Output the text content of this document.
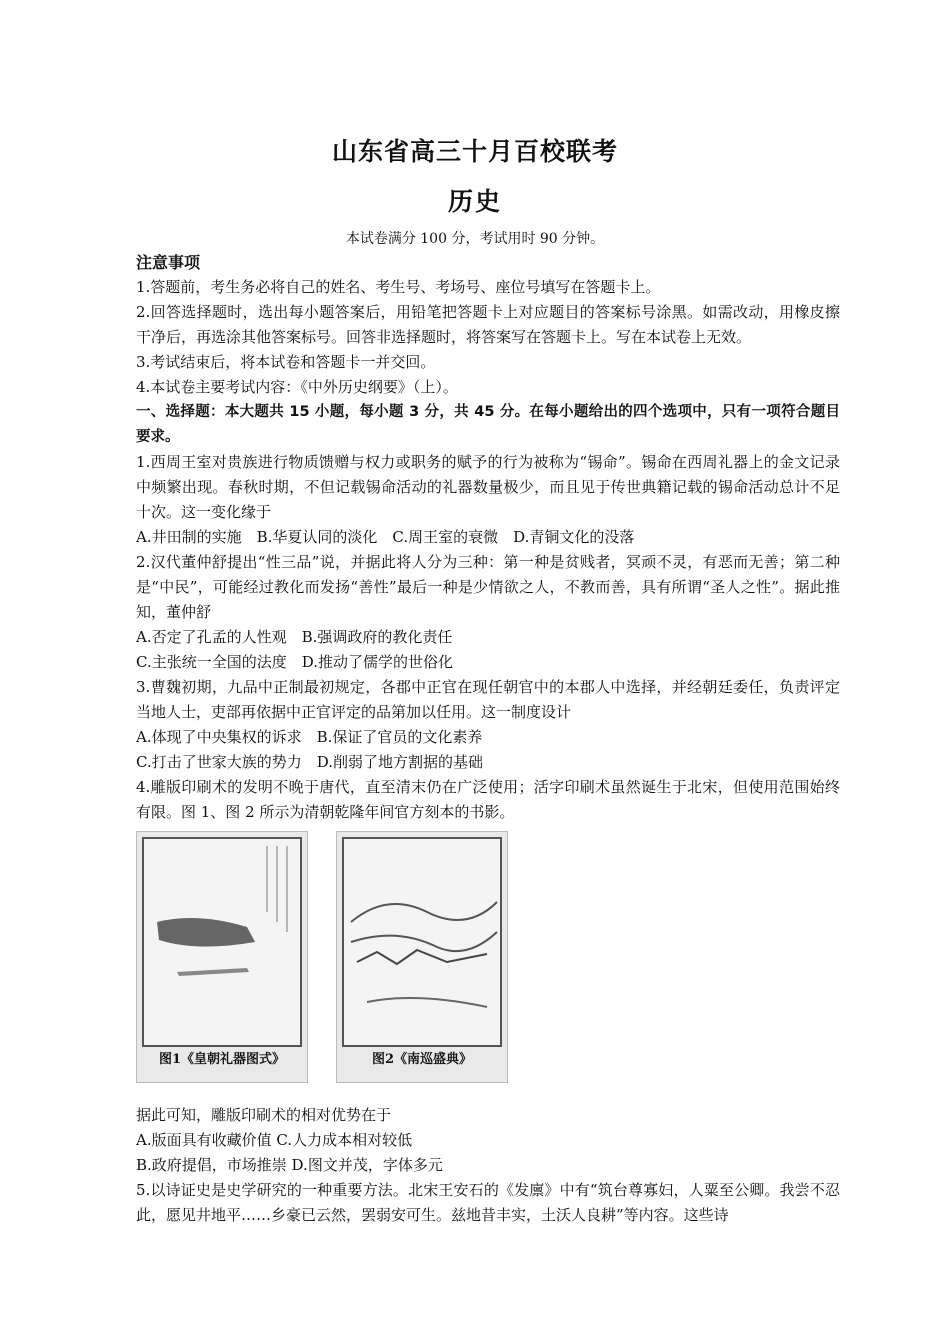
山东省高三十月百校联考
历史
本试卷满分 100 分，考试用时 90 分钟。
注意事项
1.答题前，考生务必将自己的姓名、考生号、考场号、座位号填写在答题卡上。
2.回答选择题时，选出每小题答案后，用铅笔把答题卡上对应题目的答案标号涂黑。如需改动，用橡皮擦干净后，再选涂其他答案标号。回答非选择题时，将答案写在答题卡上。写在本试卷上无效。
3.考试结束后，将本试卷和答题卡一并交回。
4.本试卷主要考试内容：《中外历史纲要》（上）。
一、选择题：本大题共 15 小题，每小题 3 分，共 45 分。在每小题给出的四个选项中，只有一项符合题目要求。
1.西周王室对贵族进行物质馈赠与权力或职务的赋予的行为被称为“锡命”。锡命在西周礼器上的金文记录中频繁出现。春秋时期，不但记载锡命活动的礼器数量极少，而且见于传世典籍记载的锡命活动总计不足十次。这一变化缘于
A.井田制的实施　B.华夏认同的淡化　C.周王室的衰微　D.青铜文化的没落
2.汉代董仲舒提出“性三品”说，并据此将人分为三种：第一种是贫贱者，冥顽不灵，有恶而无善；第二种是“中民”，可能经过教化而发扬“善性”最后一种是少情欲之人，不教而善，具有所谓“圣人之性”。据此推知，董仲舒
A.否定了孔孟的人性观　B.强调政府的教化责任
C.主张统一全国的法度　D.推动了儒学的世俗化
3.曹魏初期，九品中正制最初规定，各郡中正官在现任朝官中的本郡人中选择，并经朝廷委任，负责评定当地人士，吏部再依据中正官评定的品第加以任用。这一制度设计
A.体现了中央集权的诉求　B.保证了官员的文化素养
C.打击了世家大族的势力　D.削弱了地方割据的基础
4.雕版印刷术的发明不晚于唐代，直至清末仍在广泛使用；活字印刷术虽然诞生于北宋，但使用范围始终有限。图 1、图 2 所示为清朝乾隆年间官方刻本的书影。
图1《皇朝礼器图式》	图2《南巡盛典》
据此可知，雕版印刷术的相对优势在于
A.版面具有收藏价值 C.人力成本相对较低
B.政府提倡，市场推崇 D.图文并茂，字体多元
5.以诗证史是史学研究的一种重要方法。北宋王安石的《发廪》中有“筑台尊寡妇，人粟至公卿。我尝不忍此，愿见井地平……乡豪已云然，罢弱安可生。兹地昔丰实，土沃人良耕”等内容。这些诗
